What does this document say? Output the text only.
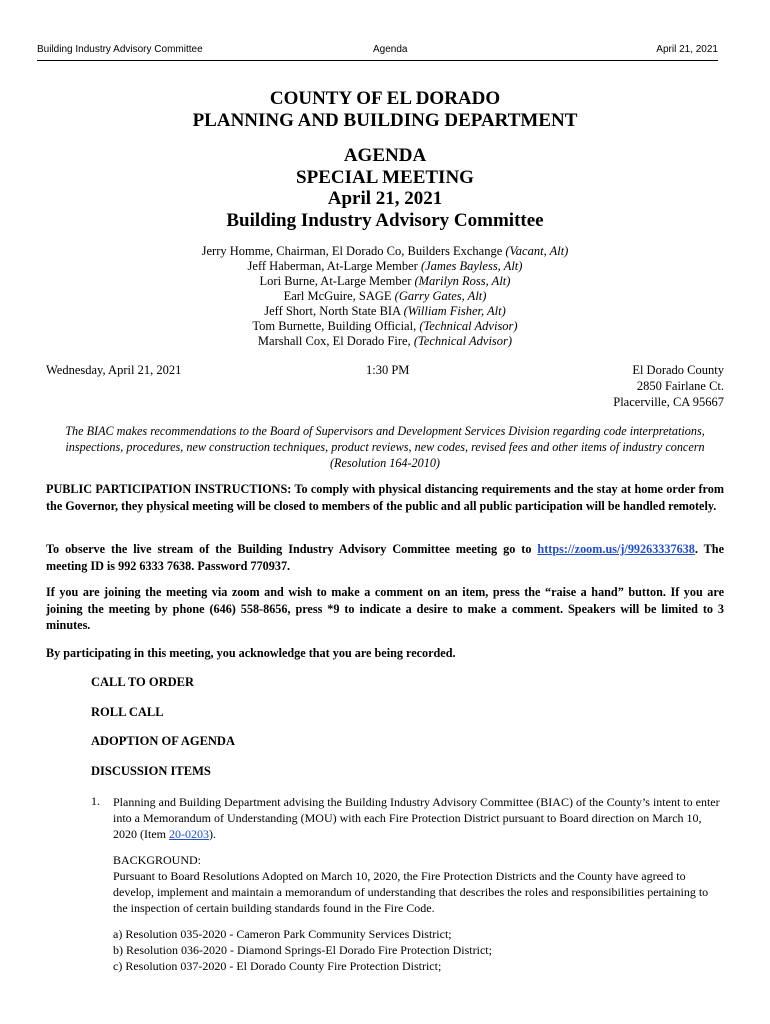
Building Industry Advisory Committee	Agenda	April 21, 2021
COUNTY OF EL DORADO
PLANNING AND BUILDING DEPARTMENT
AGENDA
SPECIAL MEETING
April 21, 2021
Building Industry Advisory Committee
Jerry Homme, Chairman, El Dorado Co, Builders Exchange (Vacant, Alt)
Jeff Haberman, At-Large Member (James Bayless, Alt)
Lori Burne, At-Large Member (Marilyn Ross, Alt)
Earl McGuire, SAGE (Garry Gates, Alt)
Jeff Short, North State BIA (William Fisher, Alt)
Tom Burnette, Building Official, (Technical Advisor)
Marshall Cox, El Dorado Fire, (Technical Advisor)
Wednesday, April 21, 2021	1:30 PM	El Dorado County
2850 Fairlane Ct.
Placerville, CA 95667
The BIAC makes recommendations to the Board of Supervisors and Development Services Division regarding code interpretations, inspections, procedures, new construction techniques, product reviews, new codes, revised fees and other items of industry concern (Resolution 164-2010)
PUBLIC PARTICIPATION INSTRUCTIONS: To comply with physical distancing requirements and the stay at home order from the Governor, they physical meeting will be closed to members of the public and all public participation will be handled remotely.
To observe the live stream of the Building Industry Advisory Committee meeting go to https://zoom.us/j/99263337638. The meeting ID is 992 6333 7638. Password 770937.
If you are joining the meeting via zoom and wish to make a comment on an item, press the “raise a hand” button. If you are joining the meeting by phone (646) 558-8656, press *9 to indicate a desire to make a comment. Speakers will be limited to 3 minutes.
By participating in this meeting, you acknowledge that you are being recorded.
CALL TO ORDER
ROLL CALL
ADOPTION OF AGENDA
DISCUSSION ITEMS
1. Planning and Building Department advising the Building Industry Advisory Committee (BIAC) of the County’s intent to enter into a Memorandum of Understanding (MOU) with each Fire Protection District pursuant to Board direction on March 10, 2020 (Item 20-0203).
BACKGROUND:
Pursuant to Board Resolutions Adopted on March 10, 2020, the Fire Protection Districts and the County have agreed to develop, implement and maintain a memorandum of understanding that describes the roles and responsibilities pertaining to the inspection of certain building standards found in the Fire Code.
a) Resolution 035-2020 - Cameron Park Community Services District;
b) Resolution 036-2020 - Diamond Springs-El Dorado Fire Protection District;
c) Resolution 037-2020 - El Dorado County Fire Protection District;
